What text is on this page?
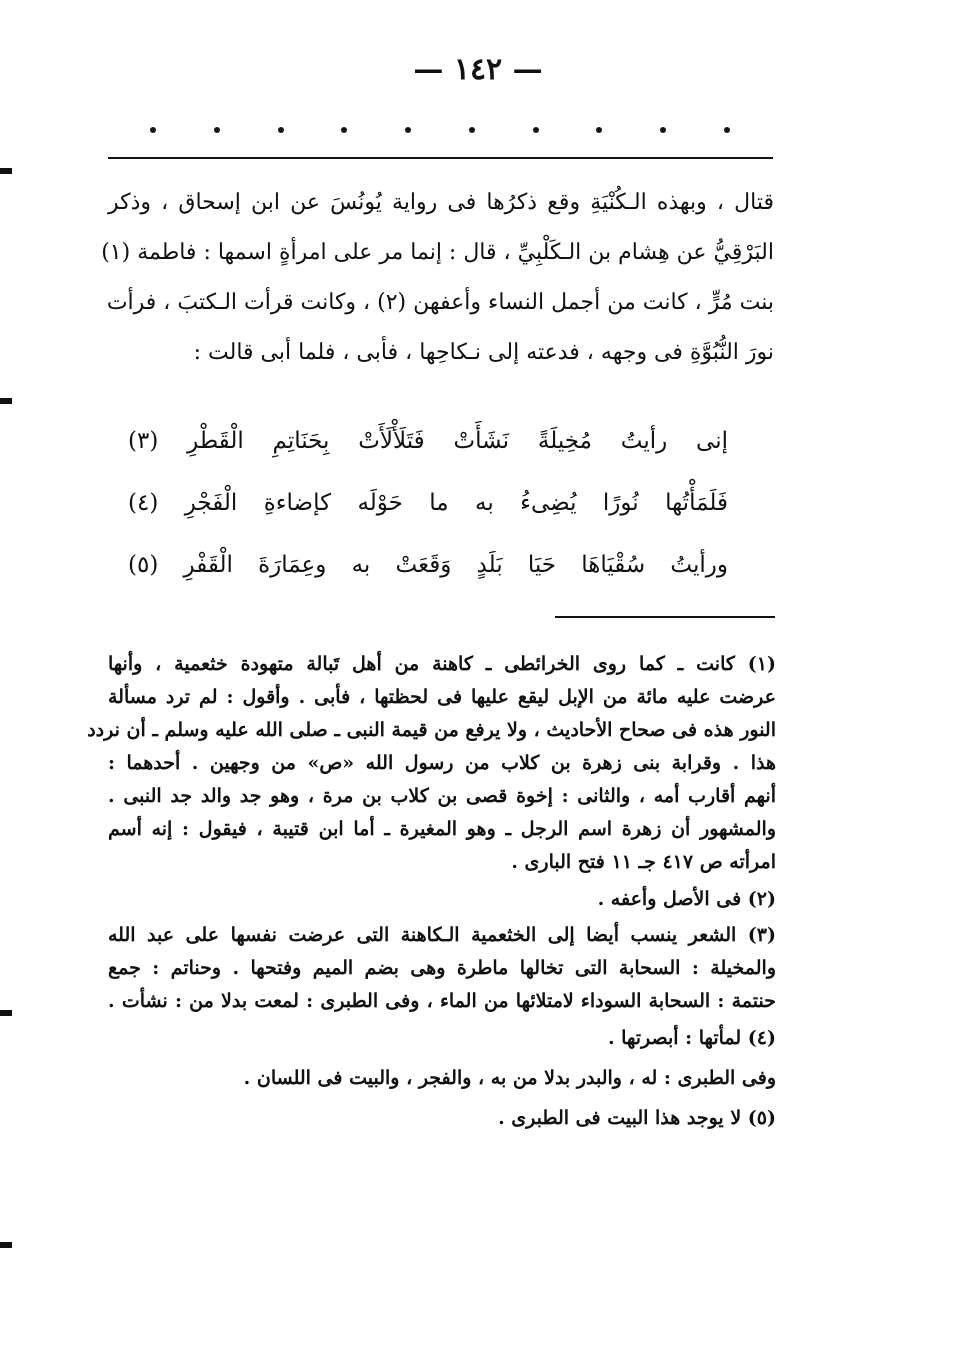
— ١٤٢ —
قتال ، وبهذه الـكُنْيَةِ وقع ذكرُها فى رواية يُونُسَ عن ابن إسحاق ، وذكر
البَرْقِيُّ عن هِشام بن الـكَلْبِيِّ ، قال : إنما مر على امرأةٍ اسمها : فاطمة (١)
بنت مُرٍّ ، كانت من أجمل النساء وأعفهن (٢) ، وكانت قرأت الـكتبَ ، فرأت
نورَ النُّبُوَّةِ فى وجهه ، فدعته إلى نـكاحِها ، فأبى ، فلما أبى قالت :
إنى رأيتُ مُخِيلَةً نَشَأَتْ فَتَلَأْلَأَتْ بِحَنَاتِمِ الْقَطْرِ (٣)
فَلَمَأْتُها نُورًا يُضِىءُ به ما حَوْلَه كإضاءةِ الْفَجْرِ (٤)
ورأيتُ سُقْيَاهَا حَيَا بَلَدٍ وَقَعَتْ به وعِمَارَةَ الْقَفْرِ (٥)
(١) كانت ـ كما روى الخرائطى ـ كاهنة من أهل تَبالة متهودة خثعمية ، وأنها
عرضت عليه مائة من الإبل ليقع عليها فى لحظتها ، فأبى . وأقول : لم ترد مسألة
النور هذه فى صحاح الأحاديث ، ولا يرفع من قيمة النبى ـ صلى الله عليه وسلم ـ أن نردد
هذا . وقرابة بنى زهرة بن كلاب من رسول الله «ص» من وجهين . أحدهما :
أنهم أقارب أمه ، والثانى : إخوة قصى بن كلاب بن مرة ، وهو جد والد جد النبى .
والمشهور أن زهرة اسم الرجل ـ وهو المغيرة ـ أما ابن قتيبة ، فيقول : إنه أسم
امرأته ص ٤١٧ جـ ١١ فتح البارى .
(٢) فى الأصل وأعفه .
(٣) الشعر ينسب أيضا إلى الخثعمية الـكاهنة التى عرضت نفسها على عبد الله
والمخيلة : السحابة التى تخالها ماطرة وهى بضم الميم وفتحها . وحناتم : جمع
حنتمة : السحابة السوداء لامتلائها من الماء ، وفى الطبرى : لمعت بدلا من : نشأت .
(٤) لمأتها : أبصرتها .
وفى الطبرى : له ، والبدر بدلا من به ، والفجر ، والبيت فى اللسان .
(٥) لا يوجد هذا البيت فى الطبرى .
